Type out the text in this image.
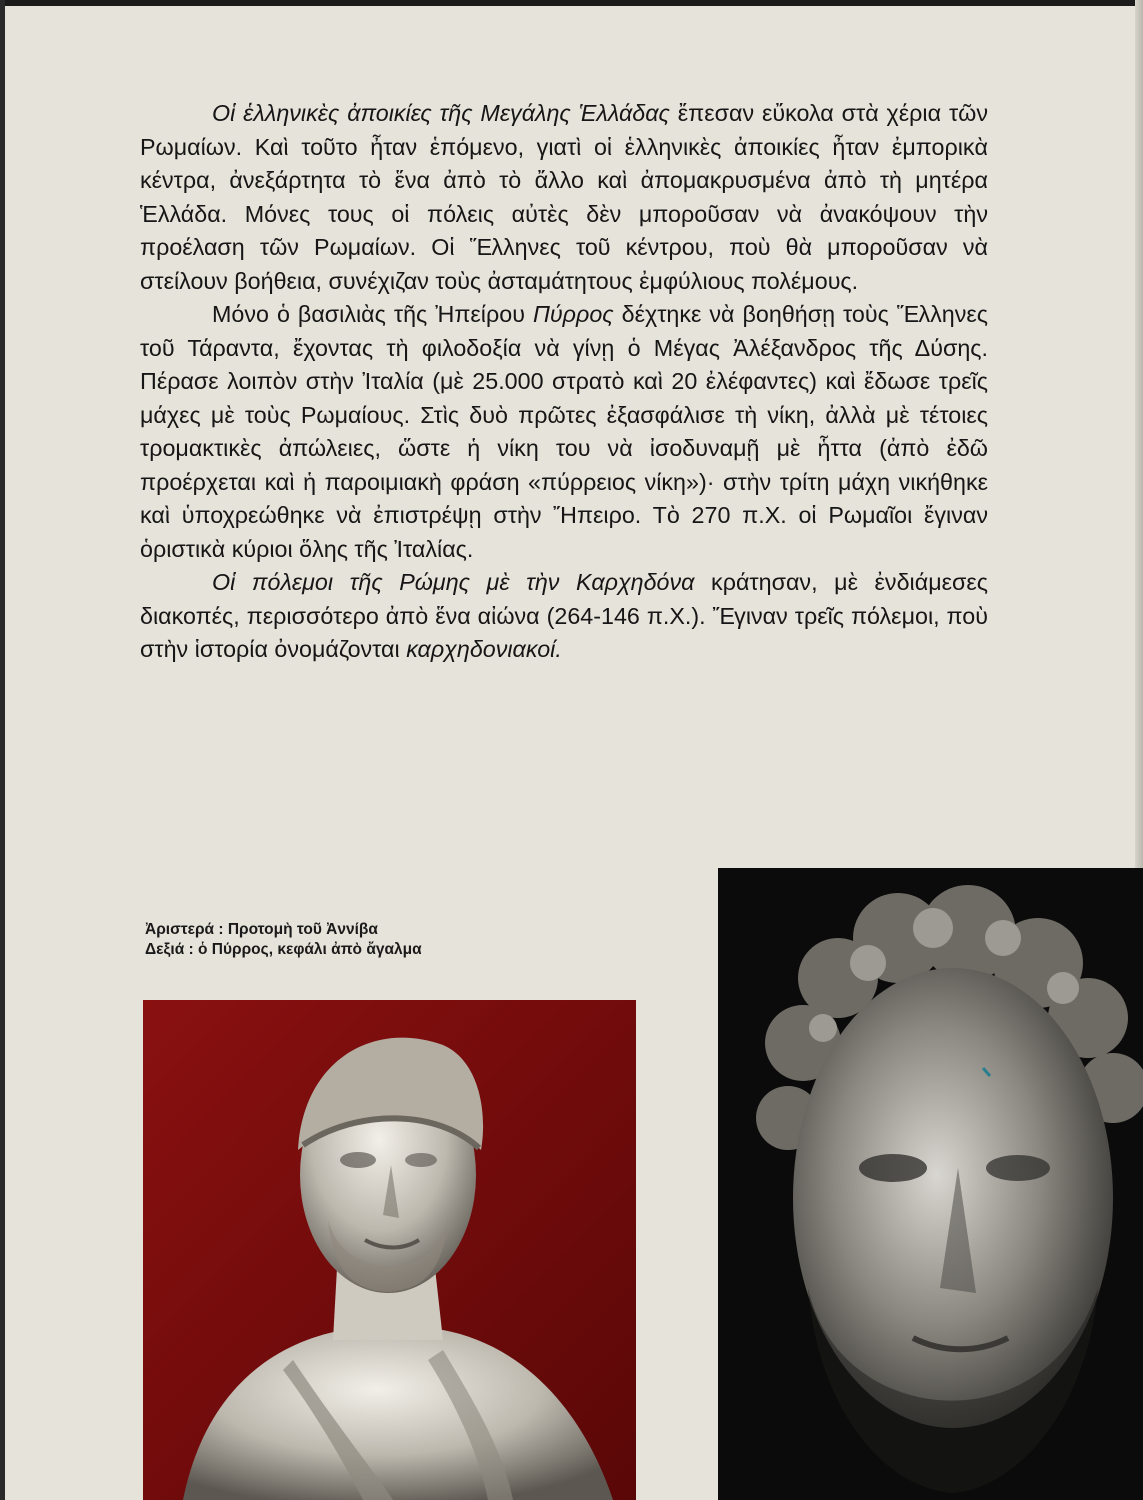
Οἱ ἑλληνικὲς ἀποικίες τῆς Μεγάλης Ἑλλάδας ἔπεσαν εὔκολα στὰ χέρια τῶν Ρωμαίων. Καὶ τοῦτο ἦταν ἑπόμενο, γιατὶ οἱ ἑλληνικὲς ἀποικίες ἦταν ἐμπορικὰ κέντρα, ἀνεξάρτητα τὸ ἕνα ἀπὸ τὸ ἄλλο καὶ ἀπομακρυσμένα ἀπὸ τὴ μητέρα Ἑλλάδα. Μόνες τους οἱ πόλεις αὐτὲς δὲν μποροῦσαν νὰ ἀνακόψουν τὴν προέλαση τῶν Ρωμαίων. Οἱ Ἕλληνες τοῦ κέντρου, ποὺ θὰ μποροῦσαν νὰ στείλουν βοήθεια, συνέχιζαν τοὺς ἀσταμάτητους ἐμφύλιους πολέμους.

Μόνο ὁ βασιλιὰς τῆς Ἠπείρου Πύρρος δέχτηκε νὰ βοηθήσῃ τοὺς Ἕλληνες τοῦ Τάραντα, ἔχοντας τὴ φιλοδοξία νὰ γίνῃ ὁ Μέγας Ἀλέξανδρος τῆς Δύσης. Πέρασε λοιπὸν στὴν Ἰταλία (μὲ 25.000 στρατὸ καὶ 20 ἐλέφαντες) καὶ ἔδωσε τρεῖς μάχες μὲ τοὺς Ρωμαίους. Στὶς δυὸ πρῶτες ἐξασφάλισε τὴ νίκη, ἀλλὰ μὲ τέτοιες τρομακτικὲς ἀπώλειες, ὥστε ἡ νίκη του νὰ ἰσοδυναμῇ μὲ ἧττα (ἀπὸ ἐδῶ προέρχεται καὶ ἡ παροιμιακὴ φράση «πύρρειος νίκη»)· στὴν τρίτη μάχη νικήθηκε καὶ ὑποχρεώθηκε νὰ ἐπιστρέψῃ στὴν Ἤπειρο. Τὸ 270 π.Χ. οἱ Ρωμαῖοι ἔγιναν ὁριστικὰ κύριοι ὅλης τῆς Ἰταλίας.

Οἱ πόλεμοι τῆς Ρώμης μὲ τὴν Καρχηδόνα κράτησαν, μὲ ἐνδιάμεσες διακοπές, περισσότερο ἀπὸ ἕνα αἰώνα (264-146 π.Χ.). Ἔγιναν τρεῖς πόλεμοι, ποὺ στὴν ἱστορία ὀνομάζονται καρχηδονιακοί.

Ἀριστερά : Προτομὴ τοῦ Ἀννίβα
Δεξιά : ὁ Πύρρος, κεφάλι ἀπὸ ἄγαλμα
